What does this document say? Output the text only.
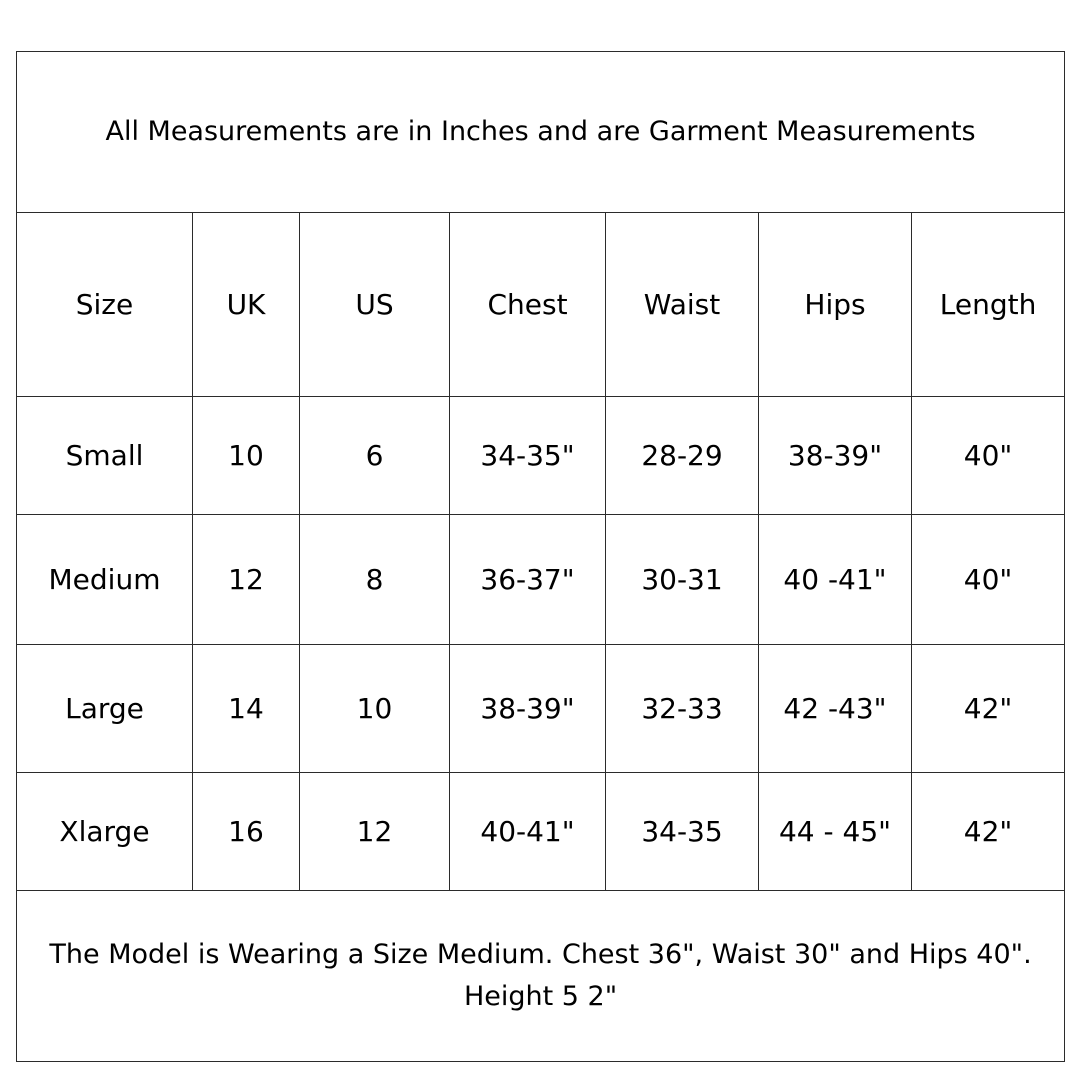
All Measurements are in Inches and are Garment Measurements						
Size	UK	US	Chest	Waist	Hips	Length
Small	10	6	34-35"	28-29	38-39"	40"
Medium	12	8	36-37"	30-31	40 -41"	40"
Large	14	10	38-39"	32-33	42 -43"	42"
Xlarge	16	12	40-41"	34-35	44 - 45"	42"

The Model is Wearing a Size Medium. Chest 36", Waist 30" and Hips 40".
Height 5 2"						
